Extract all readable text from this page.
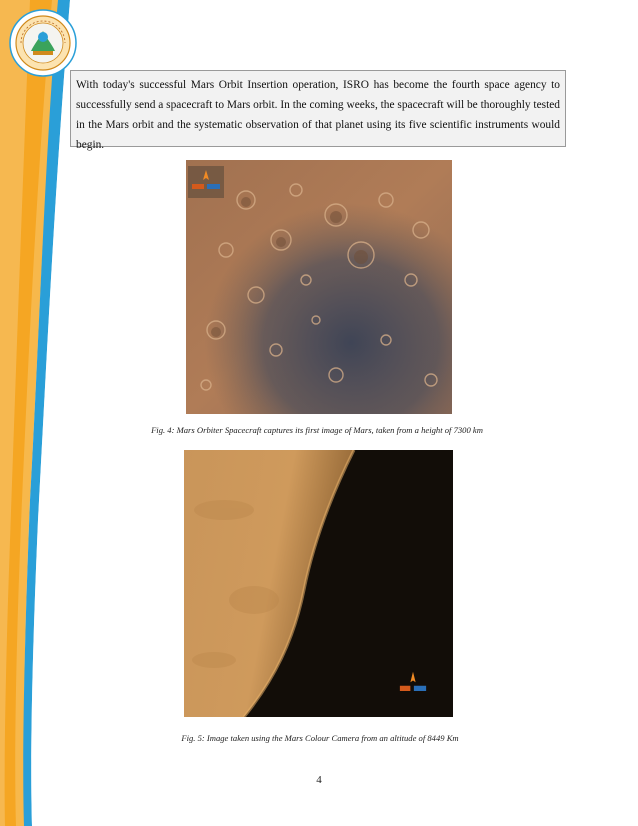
With today's successful Mars Orbit Insertion operation, ISRO has become the fourth space agency to successfully send a spacecraft to Mars orbit. In the coming weeks, the spacecraft will be thoroughly tested in the Mars orbit and the systematic observation of that planet using its five scientific instruments would begin.
Fig. 4: Mars Orbiter Spacecraft captures its first image of Mars, taken from a height of 7300 km
Fig. 5: Image taken using the Mars Colour Camera from an altitude of 8449 Km
4
